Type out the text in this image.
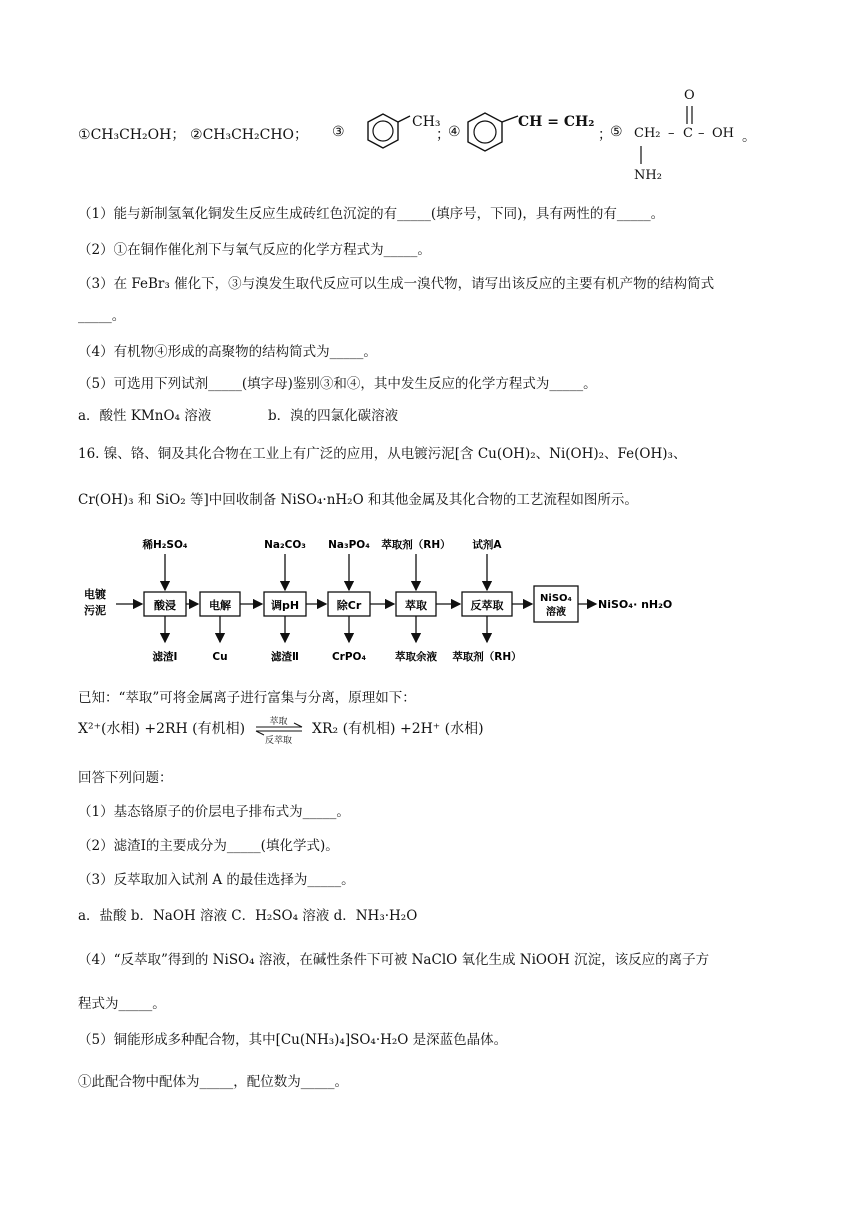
①CH₃CH₂OH； ②CH₃CH₂CHO； ③
CH₃
；
④
CH = CH₂
；
⑤ CH₂ – C – OH 。
O
NH₂
（1）能与新制氢氧化铜发生反应生成砖红色沉淀的有_____(填序号，下同)，具有两性的有_____。
（2）①在铜作催化剂下与氧气反应的化学方程式为_____。
（3）在 FeBr₃ 催化下，③与溴发生取代反应可以生成一溴代物，请写出该反应的主要有机产物的结构简式
_____。
（4）有机物④形成的高聚物的结构简式为_____。
（5）可选用下列试剂_____(填字母)鉴别③和④，其中发生反应的化学方程式为_____。
a．酸性 KMnO₄ 溶液	b．溴的四氯化碳溶液
16. 镍、铬、铜及其化合物在工业上有广泛的应用，从电镀污泥[含 Cu(OH)₂、Ni(OH)₂、Fe(OH)₃、
Cr(OH)₃ 和 SiO₂ 等]中回收制备 NiSO₄·nH₂O 和其他金属及其化合物的工艺流程如图所示。
电镀
污泥	酸浸	电解	调pH	除Cr	萃取	反萃取
NiSO₄
溶液
NiSO₄· nH₂O
稀H₂SO₄	Na₂CO₃ Na₃PO₄ 萃取剂（RH） 试剂A
滤渣Ⅰ	Cu	滤渣Ⅱ	CrPO₄	萃取余液 萃取剂（RH）
已知：“萃取”可将金属离子进行富集与分离，原理如下：
X²⁺(水相) +2RH (有机相)	萃取
反萃取
XR₂ (有机相) +2H⁺ (水相)
回答下列问题：
（1）基态铬原子的价层电子排布式为_____。
（2）滤渣Ⅰ的主要成分为_____(填化学式)。
（3）反萃取加入试剂 A 的最佳选择为_____。
a．盐酸 b．NaOH 溶液 C．H₂SO₄ 溶液 d．NH₃·H₂O
（4）“反萃取”得到的 NiSO₄ 溶液，在碱性条件下可被 NaClO 氧化生成 NiOOH 沉淀，该反应的离子方
程式为_____。
（5）铜能形成多种配合物，其中[Cu(NH₃)₄]SO₄·H₂O 是深蓝色晶体。
①此配合物中配体为_____，配位数为_____。
